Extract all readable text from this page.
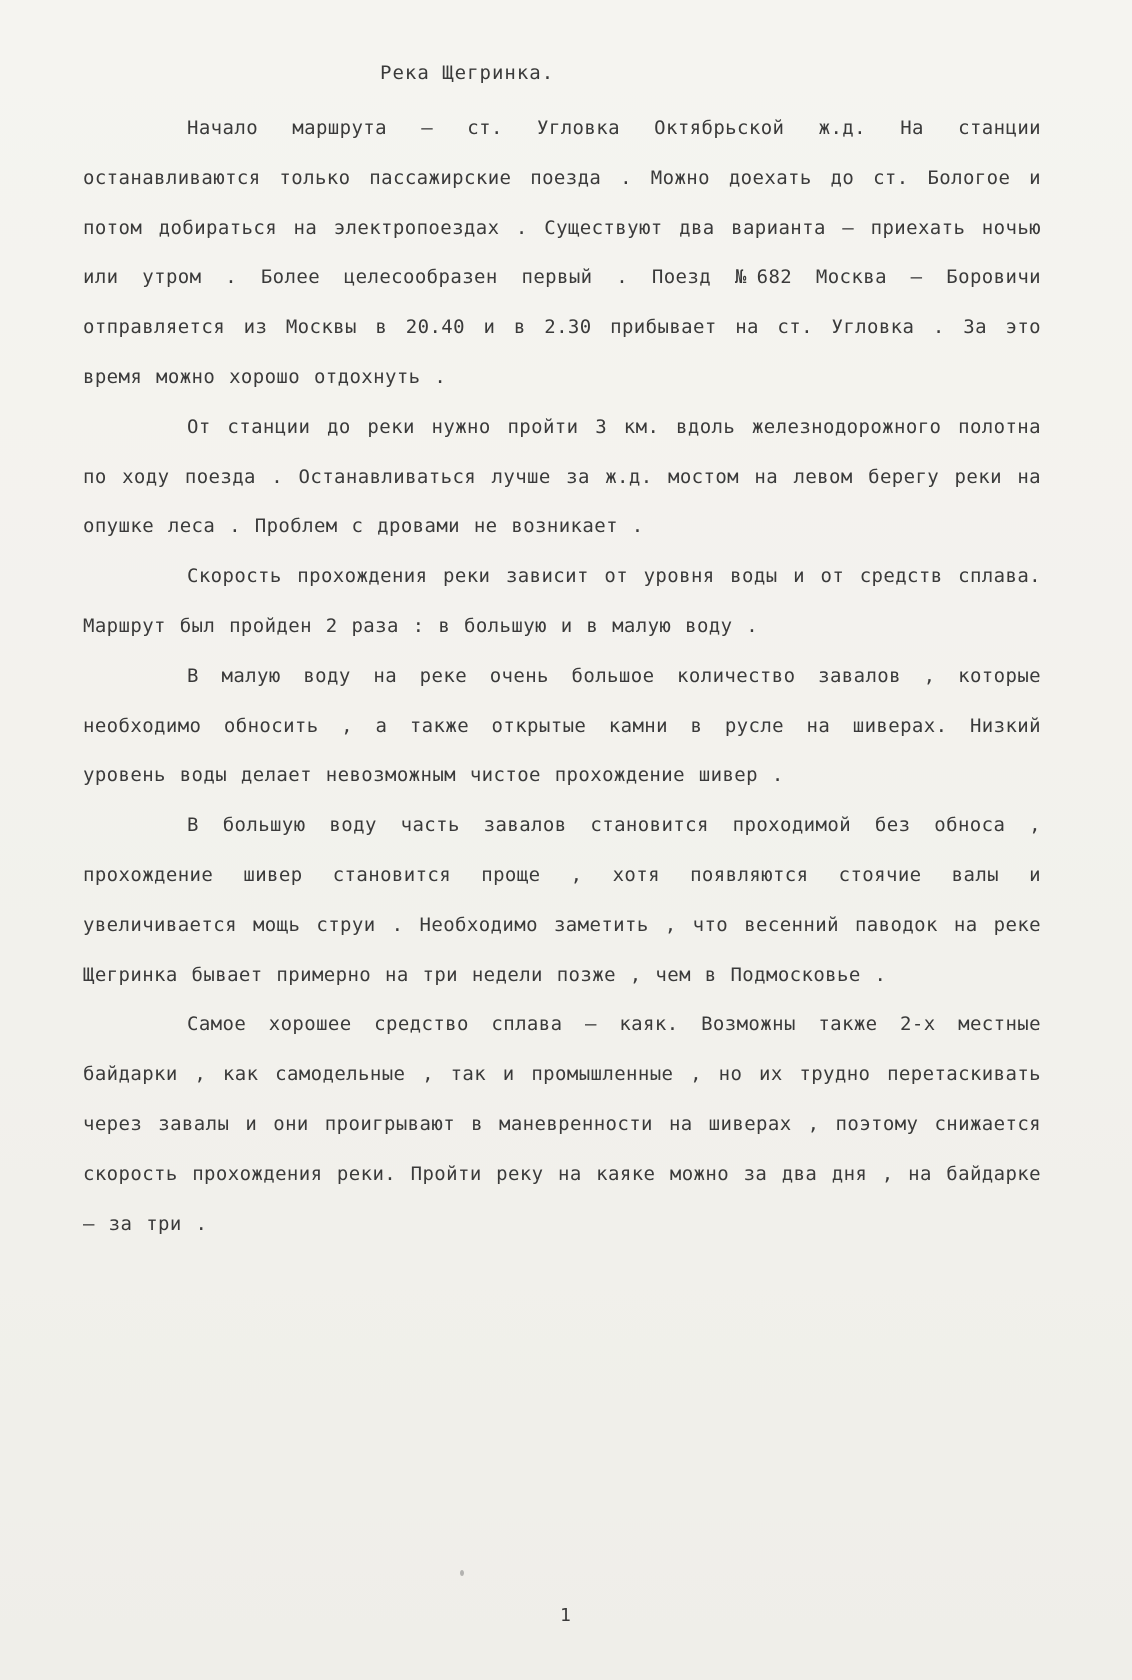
Река Щегринка.

Начало маршрута – ст. Угловка Октябрьской ж.д. На станции останавливаются только пассажирские поезда . Можно доехать до ст. Бологое и потом добираться на электропоездах . Существуют два варианта – приехать ночью или утром . Более целесообразен первый . Поезд №682 Москва – Боровичи отправляется из Москвы в 20.40 и в 2.30 прибывает на ст. Угловка . За это время можно хорошо отдохнуть .

От станции до реки нужно пройти 3 км. вдоль железнодорожного полотна по ходу поезда . Останавливаться лучше за ж.д. мостом на левом берегу реки на опушке леса . Проблем с дровами не возникает .

Скорость прохождения реки зависит от уровня воды и от средств сплава. Маршрут был пройден 2 раза : в большую и в малую воду .

В малую воду на реке очень большое количество завалов , которые необходимо обносить , а также открытые камни в русле на шиверах. Низкий уровень воды делает невозможным чистое прохождение шивер .

В большую воду часть завалов становится проходимой без обноса , прохождение шивер становится проще , хотя появляются стоячие валы и увеличивается мощь струи . Необходимо заметить , что весенний паводок на реке Щегринка бывает примерно на три недели позже , чем в Подмосковье .

Самое хорошее средство сплава – каяк. Возможны также 2-х местные байдарки , как самодельные , так и промышленные , но их трудно перетаскивать через завалы и они проигрывают в маневренности на шиверах , поэтому снижается скорость прохождения реки. Пройти реку на каяке можно за два дня , на байдарке – за три .

1
